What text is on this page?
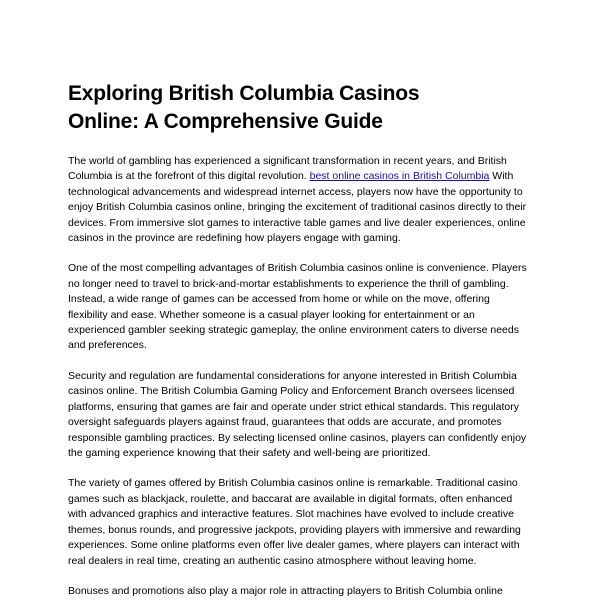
Exploring British Columbia Casinos
Online: A Comprehensive Guide

The world of gambling has experienced a significant transformation in recent years, and British Columbia is at the forefront of this digital revolution. best online casinos in British Columbia With technological advancements and widespread internet access, players now have the opportunity to enjoy British Columbia casinos online, bringing the excitement of traditional casinos directly to their devices. From immersive slot games to interactive table games and live dealer experiences, online casinos in the province are redefining how players engage with gaming.

One of the most compelling advantages of British Columbia casinos online is convenience. Players no longer need to travel to brick-and-mortar establishments to experience the thrill of gambling. Instead, a wide range of games can be accessed from home or while on the move, offering flexibility and ease. Whether someone is a casual player looking for entertainment or an experienced gambler seeking strategic gameplay, the online environment caters to diverse needs and preferences.

Security and regulation are fundamental considerations for anyone interested in British Columbia casinos online. The British Columbia Gaming Policy and Enforcement Branch oversees licensed platforms, ensuring that games are fair and operate under strict ethical standards. This regulatory oversight safeguards players against fraud, guarantees that odds are accurate, and promotes responsible gambling practices. By selecting licensed online casinos, players can confidently enjoy the gaming experience knowing that their safety and well-being are prioritized.

The variety of games offered by British Columbia casinos online is remarkable. Traditional casino games such as blackjack, roulette, and baccarat are available in digital formats, often enhanced with advanced graphics and interactive features. Slot machines have evolved to include creative themes, bonus rounds, and progressive jackpots, providing players with immersive and rewarding experiences. Some online platforms even offer live dealer games, where players can interact with real dealers in real time, creating an authentic casino atmosphere without leaving home.

Bonuses and promotions also play a major role in attracting players to British Columbia online
